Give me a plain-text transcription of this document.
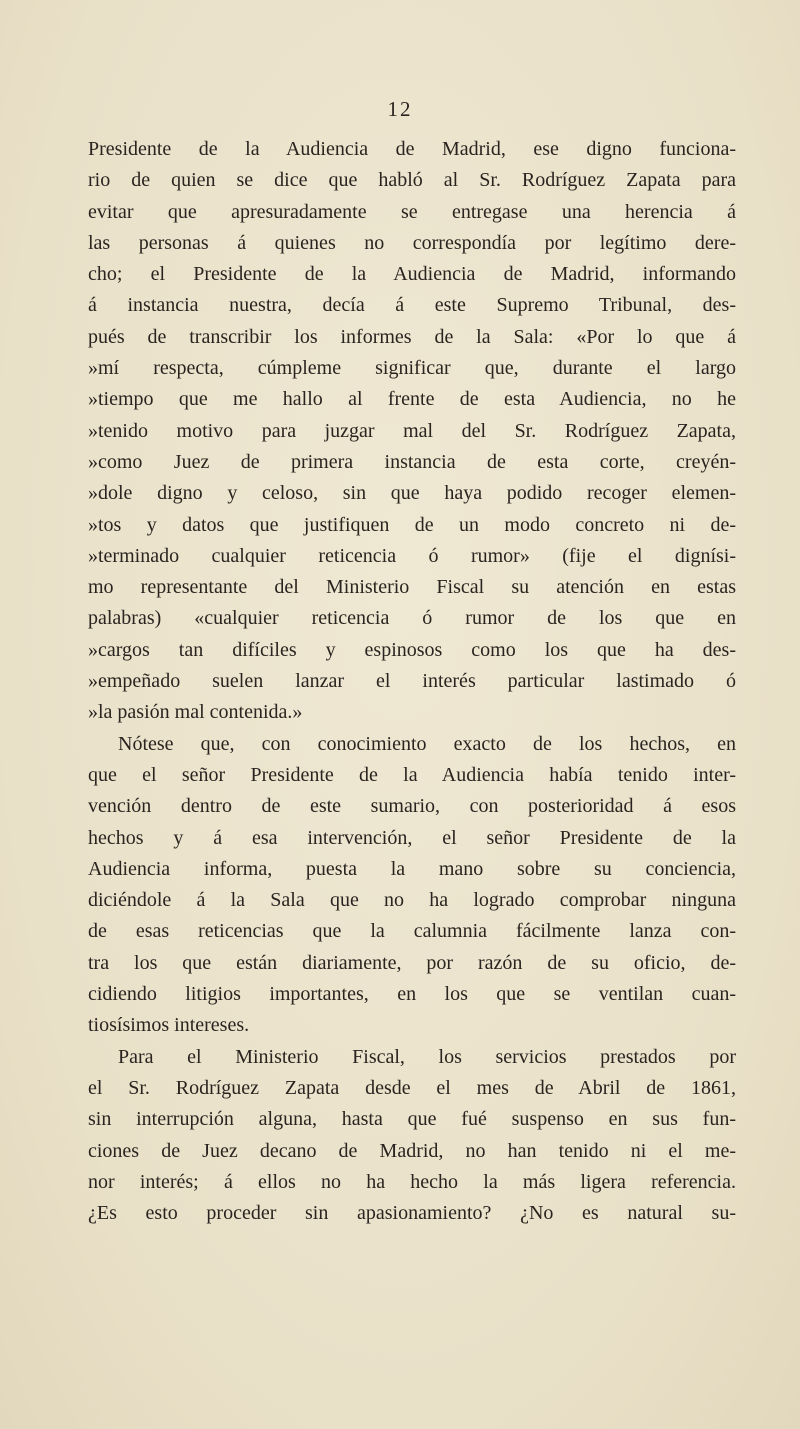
12
Presidente de la Audiencia de Madrid, ese digno funciona-
rio de quien se dice que habló al Sr. Rodríguez Zapata para
evitar que apresuradamente se entregase una herencia á
las personas á quienes no correspondía por legítimo dere-
cho; el Presidente de la Audiencia de Madrid, informando
á instancia nuestra, decía á este Supremo Tribunal, des-
pués de transcribir los informes de la Sala: «Por lo que á
»mí respecta, cúmpleme significar que, durante el largo
»tiempo que me hallo al frente de esta Audiencia, no he
»tenido motivo para juzgar mal del Sr. Rodríguez Zapata,
»como Juez de primera instancia de esta corte, creyén-
»dole digno y celoso, sin que haya podido recoger elemen-
»tos y datos que justifiquen de un modo concreto ni de-
»terminado cualquier reticencia ó rumor» (fije el dignísi-
mo representante del Ministerio Fiscal su atención en estas
palabras) «cualquier reticencia ó rumor de los que en
»cargos tan difíciles y espinosos como los que ha des-
»empeñado suelen lanzar el interés particular lastimado ó
»la pasión mal contenida.»
Nótese que, con conocimiento exacto de los hechos, en
que el señor Presidente de la Audiencia había tenido inter-
vención dentro de este sumario, con posterioridad á esos
hechos y á esa intervención, el señor Presidente de la
Audiencia informa, puesta la mano sobre su conciencia,
diciéndole á la Sala que no ha logrado comprobar ninguna
de esas reticencias que la calumnia fácilmente lanza con-
tra los que están diariamente, por razón de su oficio, de-
cidiendo litigios importantes, en los que se ventilan cuan-
tiosísimos intereses.
Para el Ministerio Fiscal, los servicios prestados por
el Sr. Rodríguez Zapata desde el mes de Abril de 1861,
sin interrupción alguna, hasta que fué suspenso en sus fun-
ciones de Juez decano de Madrid, no han tenido ni el me-
nor interés; á ellos no ha hecho la más ligera referencia.
¿Es esto proceder sin apasionamiento? ¿No es natural su-
